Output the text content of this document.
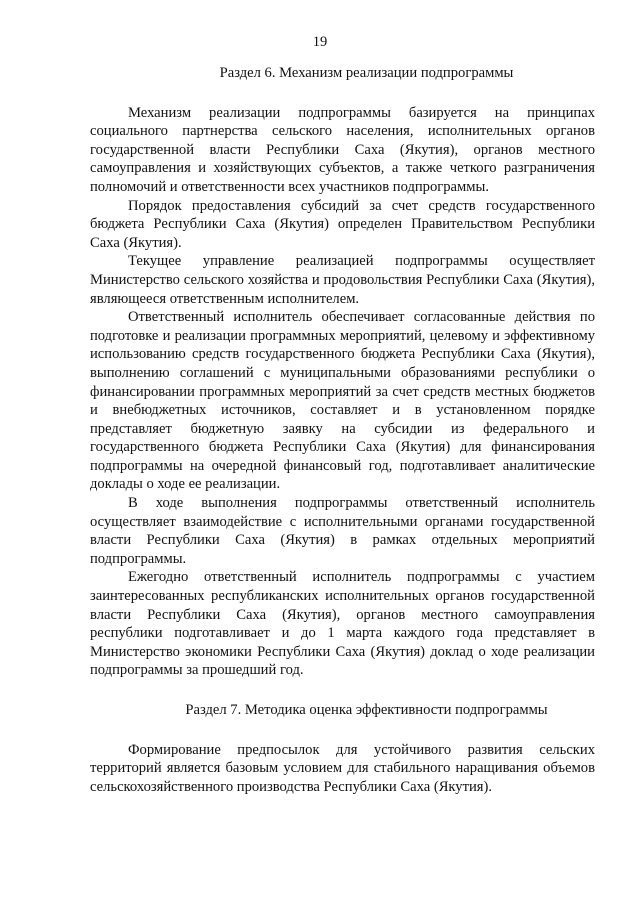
19
Раздел 6. Механизм реализации подпрограммы

Механизм реализации подпрограммы базируется на принципах социального партнерства сельского населения, исполнительных органов государственной власти Республики Саха (Якутия), органов местного самоуправления и хозяйствующих субъектов, а также четкого разграничения полномочий и ответственности всех участников подпрограммы.

Порядок предоставления субсидий за счет средств государственного бюджета Республики Саха (Якутия) определен Правительством Республики Саха (Якутия).

Текущее управление реализацией подпрограммы осуществляет Министерство сельского хозяйства и продовольствия Республики Саха (Якутия), являющееся ответственным исполнителем.

Ответственный исполнитель обеспечивает согласованные действия по подготовке и реализации программных мероприятий, целевому и эффективному использованию средств государственного бюджета Республики Саха (Якутия), выполнению соглашений с муниципальными образованиями республики о финансировании программных мероприятий за счет средств местных бюджетов и внебюджетных источников, составляет и в установленном порядке представляет бюджетную заявку на субсидии из федерального и государственного бюджета Республики Саха (Якутия) для финансирования подпрограммы на очередной финансовый год, подготавливает аналитические доклады о ходе ее реализации.

В ходе выполнения подпрограммы ответственный исполнитель осуществляет взаимодействие с исполнительными органами государственной власти Республики Саха (Якутия) в рамках отдельных мероприятий подпрограммы.

Ежегодно ответственный исполнитель подпрограммы с участием заинтересованных республиканских исполнительных органов государственной власти Республики Саха (Якутия), органов местного самоуправления республики подготавливает и до 1 марта каждого года представляет в Министерство экономики Республики Саха (Якутия) доклад о ходе реализации подпрограммы за прошедший год.

Раздел 7. Методика оценка эффективности подпрограммы

Формирование предпосылок для устойчивого развития сельских территорий является базовым условием для стабильного наращивания объемов сельскохозяйственного производства Республики Саха (Якутия).
